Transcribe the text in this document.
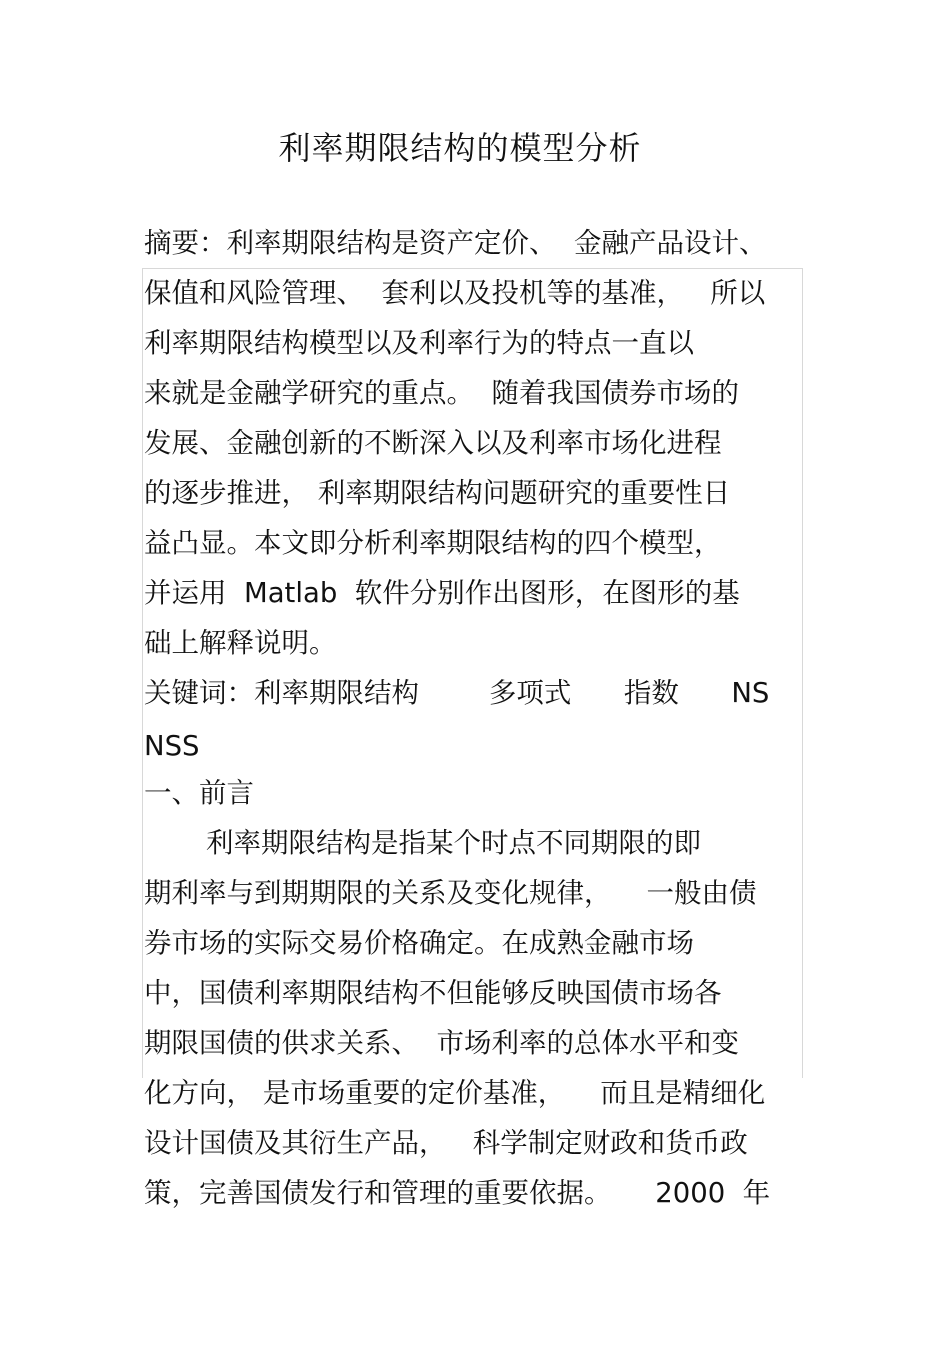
利率期限结构的模型分析
摘要：利率期限结构是资产定价、  金融产品设计、
保值和风险管理、  套利以及投机等的基准，   所以
利率期限结构模型以及利率行为的特点一直以
来就是金融学研究的重点。  随着我国债券市场的
发展、金融创新的不断深入以及利率市场化进程
的逐步推进， 利率期限结构问题研究的重要性日
益凸显。本文即分析利率期限结构的四个模型，
并运用  Matlab  软件分别作出图形，在图形的基
础上解释说明。
关键词：利率期限结构        多项式      指数      NS
NSS
一、前言
利率期限结构是指某个时点不同期限的即
期利率与到期期限的关系及变化规律，    一般由债
券市场的实际交易价格确定。在成熟金融市场
中，国债利率期限结构不但能够反映国债市场各
期限国债的供求关系、  市场利率的总体水平和变
化方向， 是市场重要的定价基准，    而且是精细化
设计国债及其衍生产品，   科学制定财政和货币政
策，完善国债发行和管理的重要依据。     2000  年
